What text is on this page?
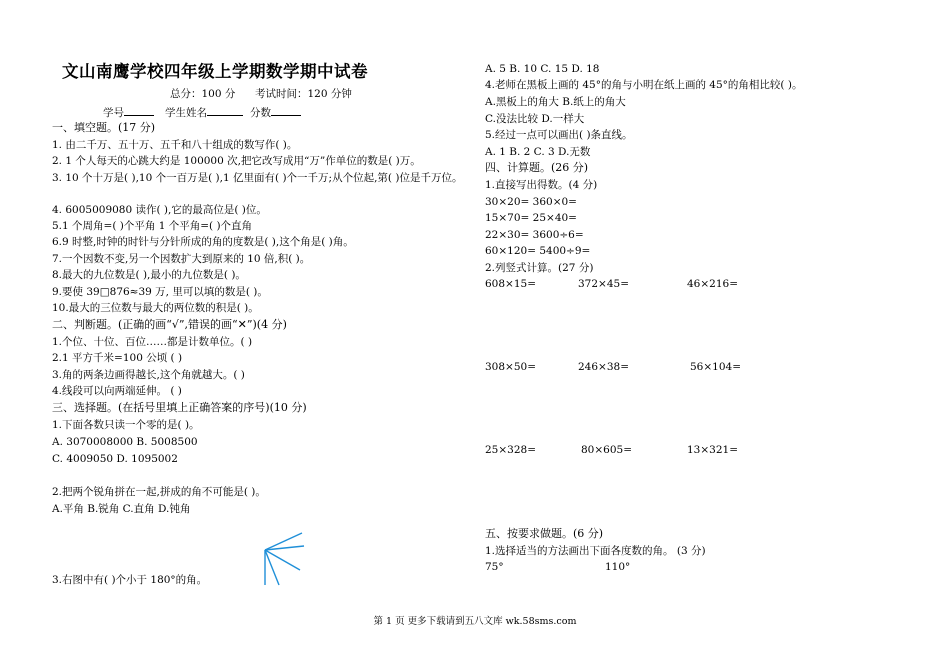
文山南鹰学校四年级上学期数学期中试卷
总分：100 分 考试时间：120 分钟
学号	学生姓名	分数
一、填空题。(17 分)
1. 由二千万、五十万、五千和八十组成的数写作( )。
2. 1 个人每天的心跳大约是 100000 次,把它改写成用“万”作单位的数是( )万。
3. 10 个十万是( ),10 个一百万是( ),1 亿里面有( )个一千万;从个位起,第( )位是千万位。
4. 6005009080 读作( ),它的最高位是( )位。
5.1 个周角=( )个平角 1 个平角=( )个直角
6.9 时整,时钟的时针与分针所成的角的度数是( ),这个角是( )角。
7.一个因数不变,另一个因数扩大到原来的 10 倍,积( )。
8.最大的九位数是( ),最小的九位数是( )。
9.要使 39□876≈39 万, 里可以填的数是( )。
10.最大的三位数与最大的两位数的积是( )。
二、判断题。(正确的画“√”,错误的画“✕”)(4 分)
1.个位、十位、百位……都是计数单位。( )
2.1 平方千米=100 公顷 ( )
3.角的两条边画得越长,这个角就越大。( )
4.线段可以向两端延伸。 ( )
三、选择题。(在括号里填上正确答案的序号)(10 分)
1.下面各数只读一个零的是( )。
A. 3070008000 B. 5008500
C. 4009050 D. 1095002
2.把两个锐角拼在一起,拼成的角不可能是( )。
A.平角 B.锐角 C.直角 D.钝角
3.右图中有( )个小于 180°的角。
A. 5 B. 10 C. 15 D. 18
4.老师在黑板上画的 45°的角与小明在纸上画的 45°的角相比较( )。
A.黑板上的角大 B.纸上的角大
C.没法比较 D.一样大
5.经过一点可以画出( )条直线。
A. 1 B. 2 C. 3 D.无数
四、计算题。(26 分)
1.直接写出得数。(4 分)
30×20= 360×0=
15×70= 25×40=
22×30= 3600÷6=
60×120= 5400÷9=
2.列竖式计算。(27 分)
608×15=	372×45=	46×216=
308×50=	246×38=	56×104=
25×328=	80×605=	13×321=
五、按要求做题。(6 分)
1.选择适当的方法画出下面各度数的角。 (3 分)
75°	110°
第 1 页 更多下载请到五八文库 wk.58sms.com
